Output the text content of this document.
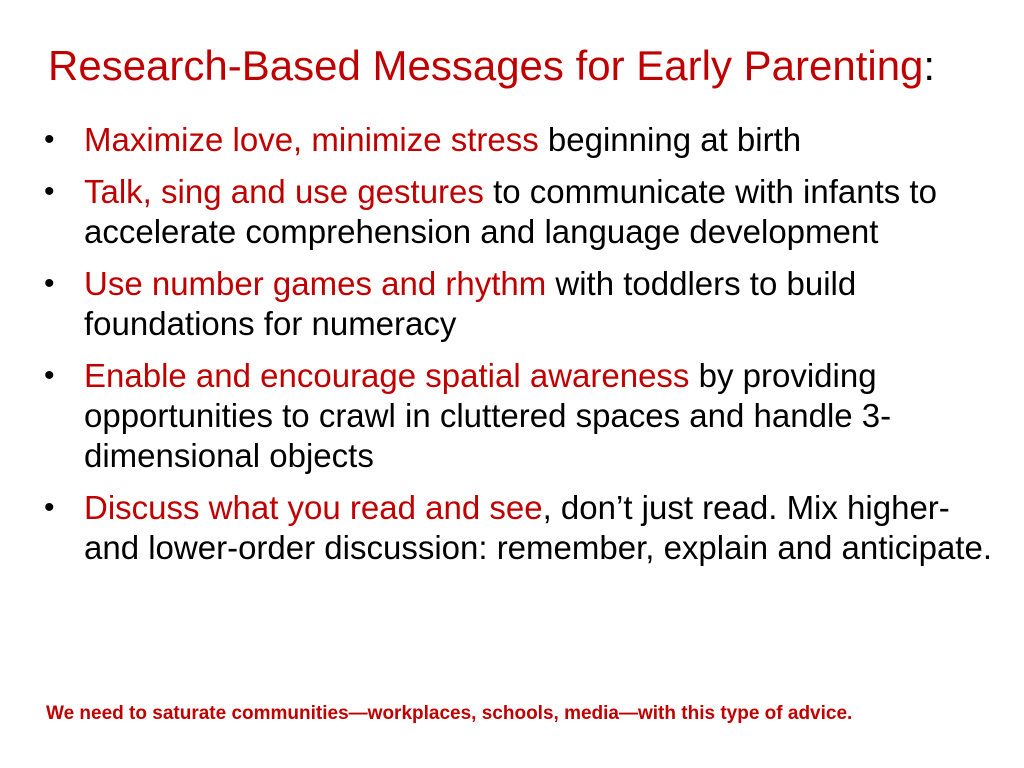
Research-Based Messages for Early Parenting:
• Maximize love, minimize stress beginning at birth
• Talk, sing and use gestures to communicate with infants to accelerate comprehension and language development
• Use number games and rhythm with toddlers to build foundations for numeracy
• Enable and encourage spatial awareness by providing opportunities to crawl in cluttered spaces and handle 3-dimensional objects
• Discuss what you read and see, don’t just read. Mix higher- and lower-order discussion: remember, explain and anticipate.
We need to saturate communities—workplaces, schools, media—with this type of advice.
